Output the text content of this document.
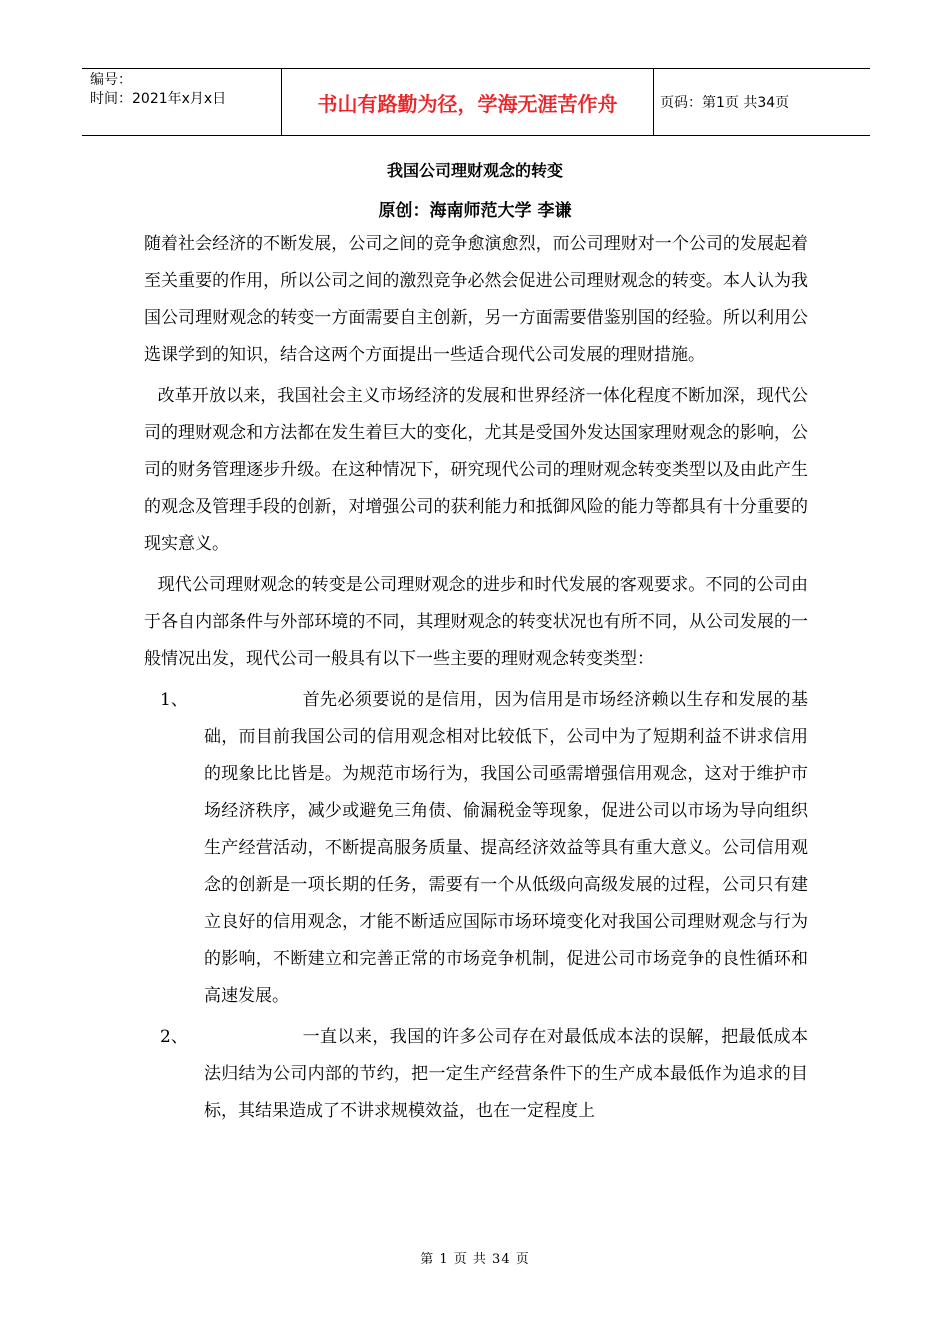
编号：
时间：2021年x月x日	书山有路勤为径，学海无涯苦作舟	页码：第1页 共34页
我国公司理财观念的转变
原创：海南师范大学 李谦

随着社会经济的不断发展，公司之间的竞争愈演愈烈，而公司理财对一个公司的发展起着至关重要的作用，所以公司之间的激烈竞争必然会促进公司理财观念的转变。本人认为我国公司理财观念的转变一方面需要自主创新，另一方面需要借鉴别国的经验。所以利用公选课学到的知识，结合这两个方面提出一些适合现代公司发展的理财措施。

改革开放以来，我国社会主义市场经济的发展和世界经济一体化程度不断加深，现代公司的理财观念和方法都在发生着巨大的变化，尤其是受国外发达国家理财观念的影响，公司的财务管理逐步升级。在这种情况下，研究现代公司的理财观念转变类型以及由此产生的观念及管理手段的创新，对增强公司的获利能力和抵御风险的能力等都具有十分重要的现实意义。

现代公司理财观念的转变是公司理财观念的进步和时代发展的客观要求。不同的公司由于各自内部条件与外部环境的不同，其理财观念的转变状况也有所不同，从公司发展的一般情况出发，现代公司一般具有以下一些主要的理财观念转变类型：

1、	首先必须要说的是信用，因为信用是市场经济赖以生存和发展的基础，而目前我国公司的信用观念相对比较低下，公司中为了短期利益不讲求信用的现象比比皆是。为规范市场行为，我国公司亟需增强信用观念，这对于维护市场经济秩序，减少或避免三角债、偷漏税金等现象，促进公司以市场为导向组织生产经营活动，不断提高服务质量、提高经济效益等具有重大意义。公司信用观念的创新是一项长期的任务，需要有一个从低级向高级发展的过程，公司只有建立良好的信用观念，才能不断适应国际市场环境变化对我国公司理财观念与行为的影响，不断建立和完善正常的市场竞争机制，促进公司市场竞争的良性循环和高速发展。

2、	一直以来，我国的许多公司存在对最低成本法的误解，把最低成本法归结为公司内部的节约，把一定生产经营条件下的生产成本最低作为追求的目标，其结果造成了不讲求规模效益，也在一定程度上

第 1 页 共 34 页
